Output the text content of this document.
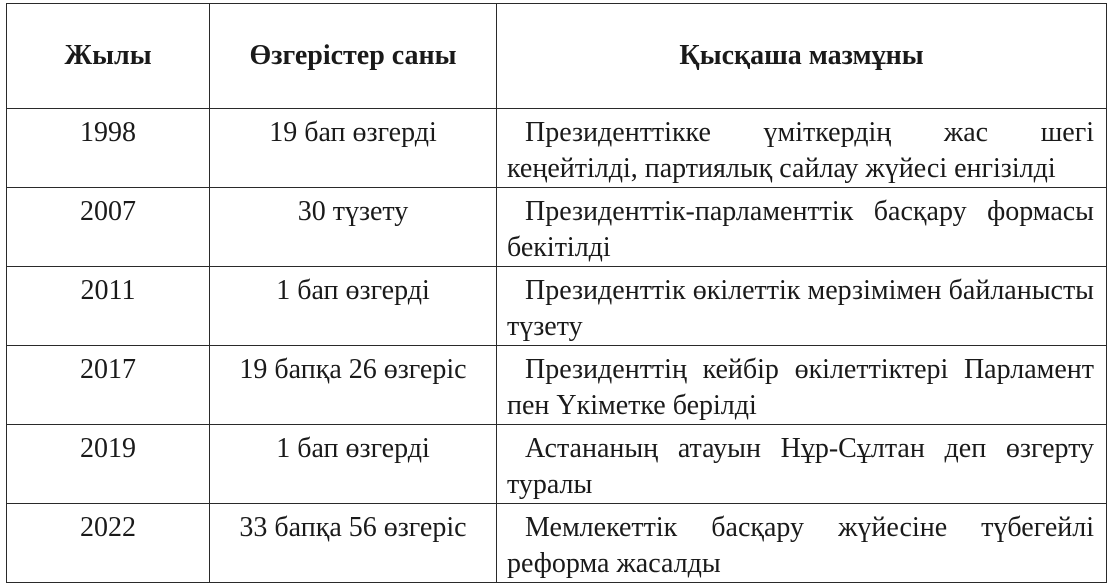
Жылы	Өзгерістер саны	Қысқаша мазмұны
1998	19 бап өзгерді	Президенттікке үміткердің жас шегі кеңейтілді, партиялық сайлау жүйесі енгізілді
2007	30 түзету	Президенттік-парламенттік басқару формасы бекітілді
2011	1 бап өзгерді	Президенттік өкілеттік мерзімімен байланысты түзету
2017	19 бапқа 26 өзгеріс	Президенттің кейбір өкілеттіктері Парламент пен Үкіметке берілді
2019	1 бап өзгерді	Астананың атауын Нұр-Сұлтан деп өзгерту туралы
2022	33 бапқа 56 өзгеріс	Мемлекеттік басқару жүйесіне түбегейлі реформа жасалды
